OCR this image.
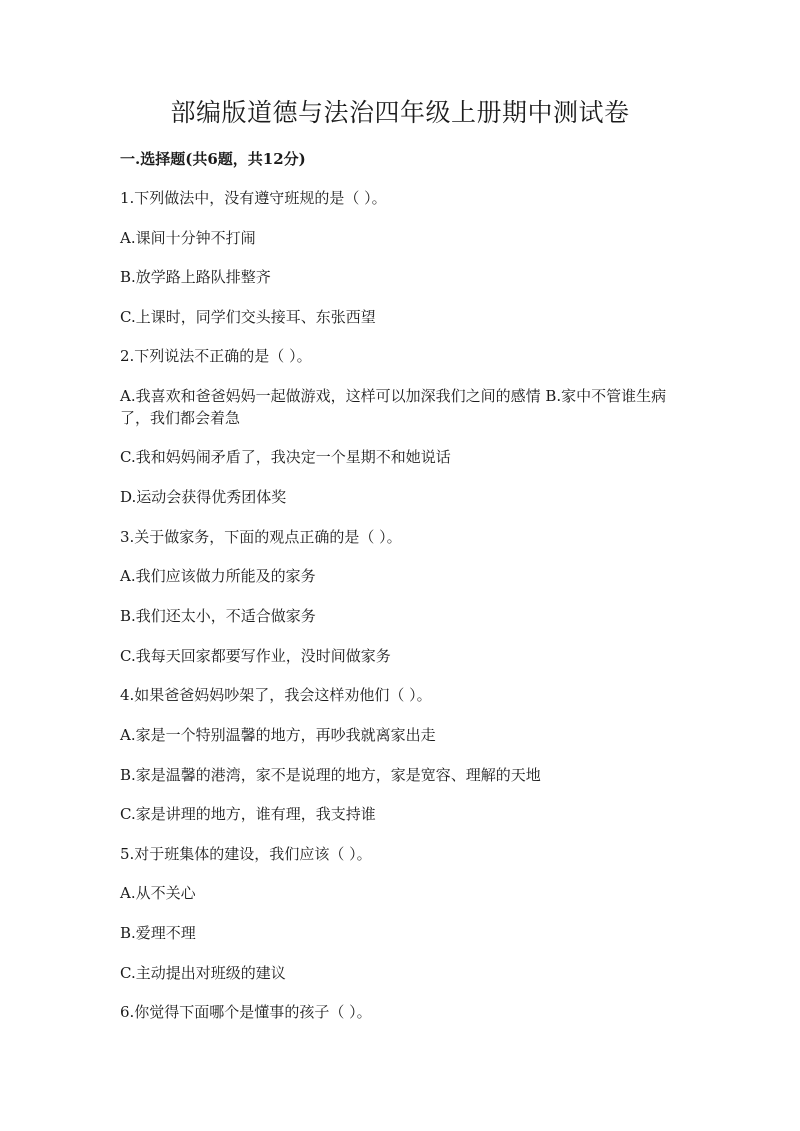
部编版道德与法治四年级上册期中测试卷
一.选择题(共6题，共12分)

1.下列做法中，没有遵守班规的是（ ）。

A.课间十分钟不打闹

B.放学路上路队排整齐

C.上课时，同学们交头接耳、东张西望

2.下列说法不正确的是（ ）。

A.我喜欢和爸爸妈妈一起做游戏，这样可以加深我们之间的感情 B.家中不管谁生病了，我们都会着急

C.我和妈妈闹矛盾了，我决定一个星期不和她说话

D.运动会获得优秀团体奖

3.关于做家务，下面的观点正确的是（ ）。

A.我们应该做力所能及的家务

B.我们还太小，不适合做家务

C.我每天回家都要写作业，没时间做家务

4.如果爸爸妈妈吵架了，我会这样劝他们（ ）。

A.家是一个特别温馨的地方，再吵我就离家出走

B.家是温馨的港湾，家不是说理的地方，家是宽容、理解的天地

C.家是讲理的地方，谁有理，我支持谁

5.对于班集体的建设，我们应该（ ）。

A.从不关心

B.爱理不理

C.主动提出对班级的建议

6.你觉得下面哪个是懂事的孩子（ ）。
